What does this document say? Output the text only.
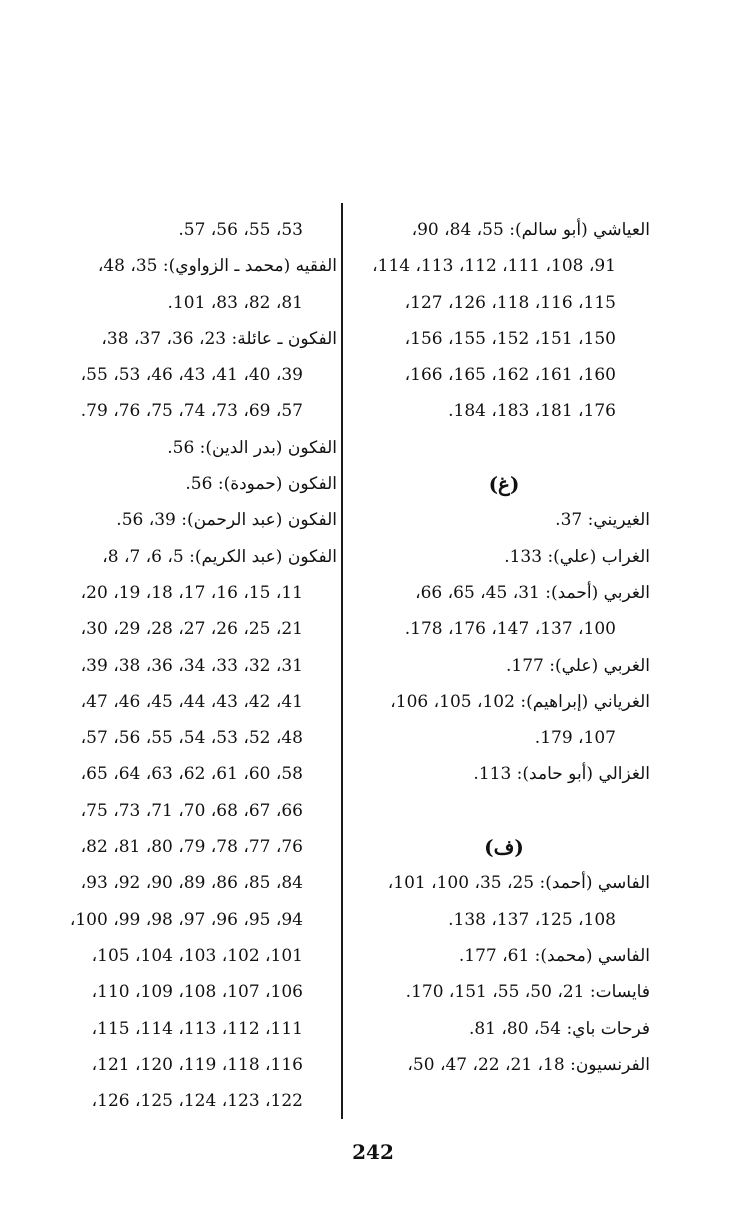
العياشي (أبو سالم): 55، 84، 90،
91، 108، 111، 112، 113، 114،
115، 116، 118، 126، 127،
150، 151، 152، 155، 156،
160، 161، 162، 165، 166،
176، 181، 183، 184.
(غ)
الغيريني: 37.
الغراب (علي): 133.
الغربي (أحمد): 31، 45، 65، 66،
100، 137، 147، 176، 178.
الغربي (علي): 177.
الغرياني (إبراهيم): 102، 105، 106،
107، 179.
الغزالي (أبو حامد): 113.
(ف)
الفاسي (أحمد): 25، 35، 100، 101،
108، 125، 137، 138.
الفاسي (محمد): 61، 177.
فايسات: 21، 50، 55، 151، 170.
فرحات باي: 54، 80، 81.
الفرنسيون: 18، 21، 22، 47، 50،
53، 55، 56، 57.
الفقيه (محمد ـ الزواوي): 35، 48،
81، 82، 83، 101.
الفكون ـ عائلة: 23، 36، 37، 38،
39، 40، 41، 43، 46، 53، 55،
57، 69، 73، 74، 75، 76، 79.
الفكون (بدر الدين): 56.
الفكون (حمودة): 56.
الفكون (عبد الرحمن): 39، 56.
الفكون (عبد الكريم): 5، 6، 7، 8،
11، 15، 16، 17، 18، 19، 20،
21، 25، 26، 27، 28، 29، 30،
31، 32، 33، 34، 36، 38، 39،
41، 42، 43، 44، 45، 46، 47،
48، 52، 53، 54، 55، 56، 57،
58، 60، 61، 62، 63، 64، 65،
66، 67، 68، 70، 71، 73، 75،
76، 77، 78، 79، 80، 81، 82،
84، 85، 86، 89، 90، 92، 93،
94، 95، 96، 97، 98، 99، 100،
101، 102، 103، 104، 105،
106، 107، 108، 109، 110،
111، 112، 113، 114، 115،
116، 118، 119، 120، 121،
122، 123، 124، 125، 126،
242
